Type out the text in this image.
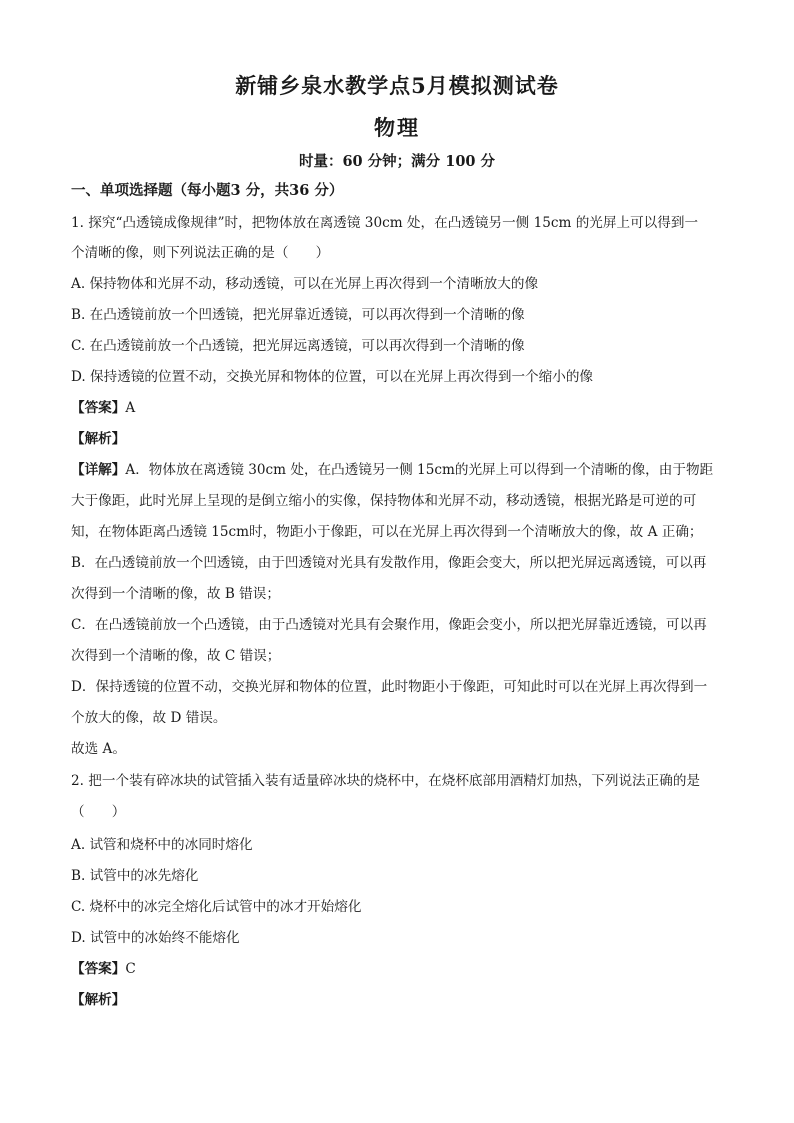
新铺乡泉水教学点5月模拟测试卷
物理
时量：60 分钟；满分 100 分
一、单项选择题（每小题3 分，共36 分）
1. 探究“凸透镜成像规律”时，把物体放在离透镜 30cm 处，在凸透镜另一侧 15cm 的光屏上可以得到一
个清晰的像，则下列说法正确的是（　　）
A. 保持物体和光屏不动，移动透镜，可以在光屏上再次得到一个清晰放大的像
B. 在凸透镜前放一个凹透镜，把光屏靠近透镜，可以再次得到一个清晰的像
C. 在凸透镜前放一个凸透镜，把光屏远离透镜，可以再次得到一个清晰的像
D. 保持透镜的位置不动，交换光屏和物体的位置，可以在光屏上再次得到一个缩小的像
【答案】A
【解析】
【详解】A．物体放在离透镜 30cm 处，在凸透镜另一侧 15cm的光屏上可以得到一个清晰的像，由于物距
大于像距，此时光屏上呈现的是倒立缩小的实像，保持物体和光屏不动，移动透镜，根据光路是可逆的可
知，在物体距离凸透镜 15cm时，物距小于像距，可以在光屏上再次得到一个清晰放大的像，故 A 正确；
B．在凸透镜前放一个凹透镜，由于凹透镜对光具有发散作用，像距会变大，所以把光屏远离透镜，可以再
次得到一个清晰的像，故 B 错误；
C．在凸透镜前放一个凸透镜，由于凸透镜对光具有会聚作用，像距会变小，所以把光屏靠近透镜，可以再
次得到一个清晰的像，故 C 错误；
D．保持透镜的位置不动，交换光屏和物体的位置，此时物距小于像距，可知此时可以在光屏上再次得到一
个放大的像，故 D 错误。
故选 A。
2. 把一个装有碎冰块的试管插入装有适量碎冰块的烧杯中，在烧杯底部用酒精灯加热，下列说法正确的是
（　　）
A. 试管和烧杯中的冰同时熔化
B. 试管中的冰先熔化
C. 烧杯中的冰完全熔化后试管中的冰才开始熔化
D. 试管中的冰始终不能熔化
【答案】C
【解析】
